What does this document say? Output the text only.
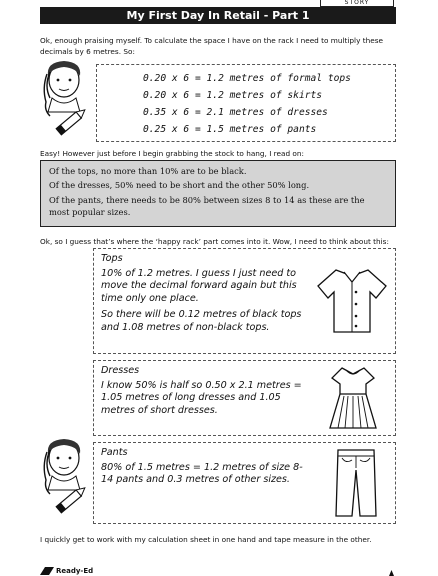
STORY
My First Day In Retail - Part 1

Ok, enough praising myself. To calculate the space I have on the rack I need to multiply these decimals by 6 metres. So:

0.20 x 6 = 1.2 metres of formal tops
0.20 x 6 = 1.2 metres of skirts
0.35 x 6 = 2.1 metres of dresses
0.25 x 6 = 1.5 metres of pants

Easy! However just before I begin grabbing the stock to hang, I read on:

Of the tops, no more than 10% are to be black.

Of the dresses, 50% need to be short and the other 50% long.

Of the pants, there needs to be 80% between sizes 8 to 14 as these are the most popular sizes.

Ok, so I guess that’s where the ‘happy rack’ part comes into it. Wow, I need to think about this:

Tops

10% of 1.2 metres. I guess I just need to move the decimal forward again but this time only one place.

So there will be 0.12 metres of black tops and 1.08 metres of non-black tops.

Dresses

I know 50% is half so 0.50 x 2.1 metres = 1.05 metres of long dresses and 1.05 metres of short dresses.

Pants

80% of 1.5 metres = 1.2 metres of size 8-14 pants and 0.3 metres of other sizes.

I quickly get to work with my calculation sheet in one hand and tape measure in the other.

Ready-Ed
